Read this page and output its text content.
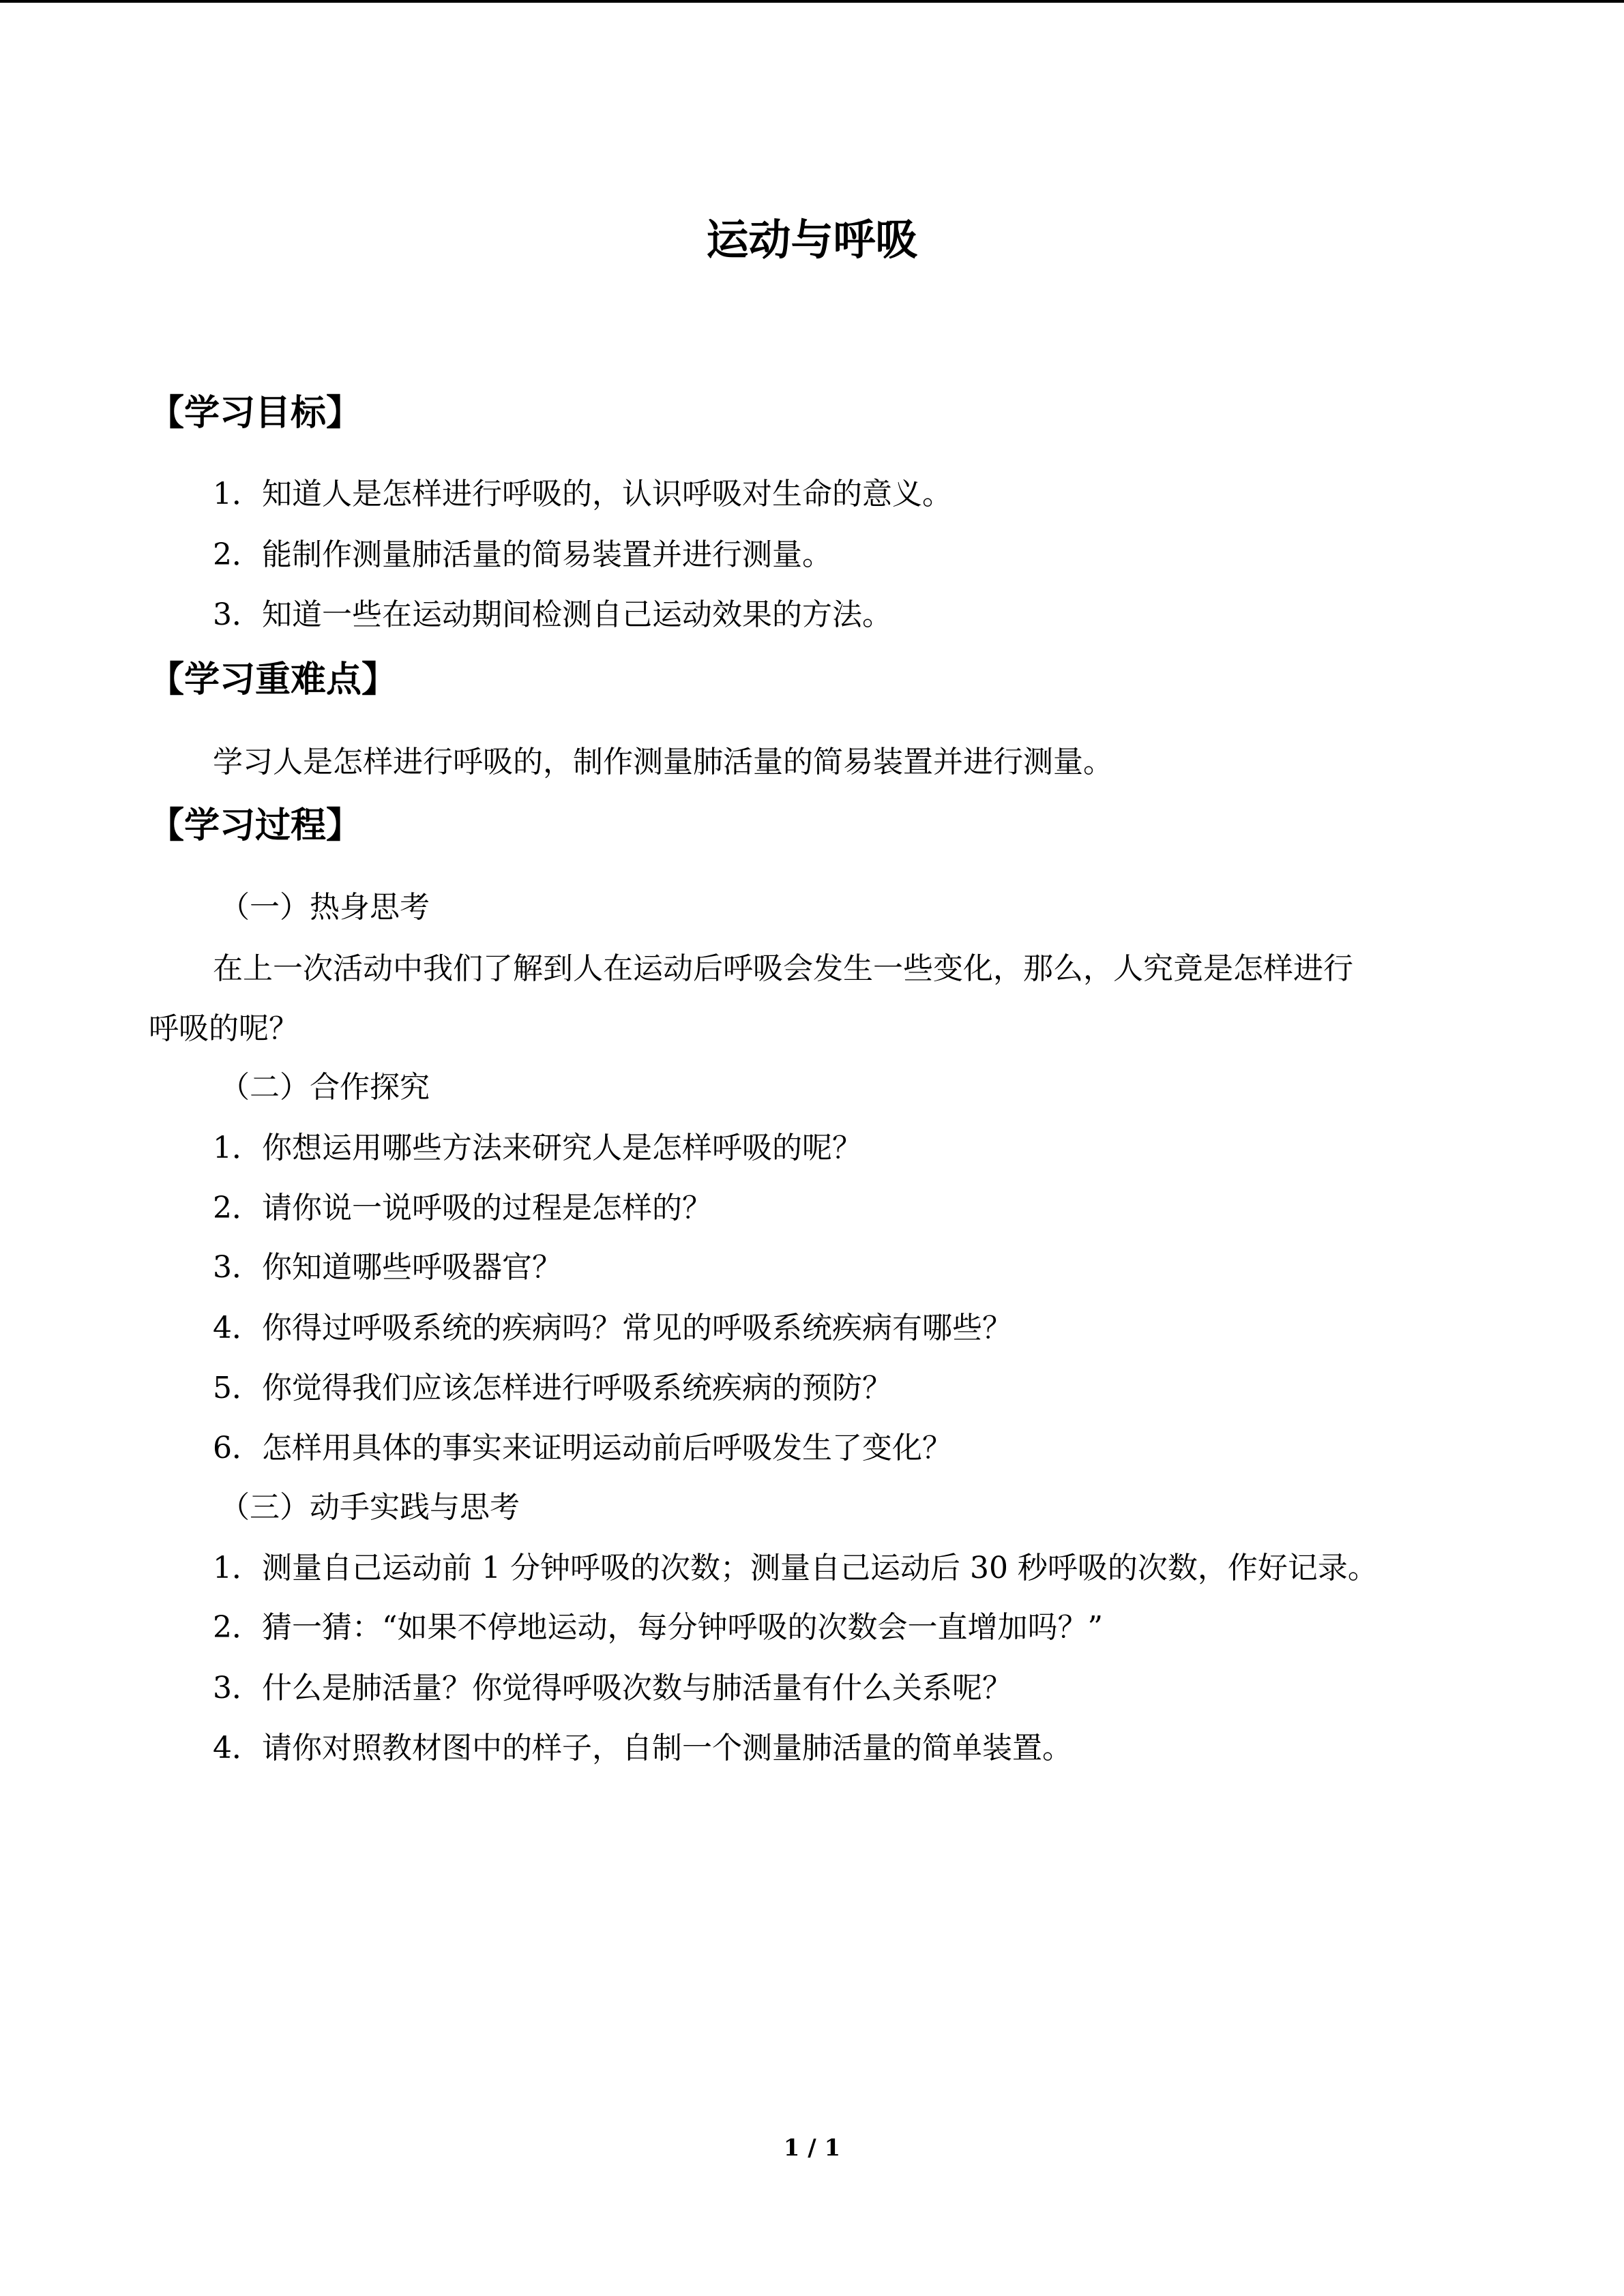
运动与呼吸
【学习目标】
1．知道人是怎样进行呼吸的，认识呼吸对生命的意义。
2．能制作测量肺活量的简易装置并进行测量。
3．知道一些在运动期间检测自己运动效果的方法。
【学习重难点】
学习人是怎样进行呼吸的，制作测量肺活量的简易装置并进行测量。
【学习过程】
（一）热身思考
在上一次活动中我们了解到人在运动后呼吸会发生一些变化，那么，人究竟是怎样进行
呼吸的呢？
（二）合作探究
1．你想运用哪些方法来研究人是怎样呼吸的呢？
2．请你说一说呼吸的过程是怎样的？
3．你知道哪些呼吸器官？
4．你得过呼吸系统的疾病吗？常见的呼吸系统疾病有哪些？
5．你觉得我们应该怎样进行呼吸系统疾病的预防？
6．怎样用具体的事实来证明运动前后呼吸发生了变化？
（三）动手实践与思考
1．测量自己运动前 1 分钟呼吸的次数；测量自己运动后 30 秒呼吸的次数，作好记录。
2．猜一猜：“如果不停地运动，每分钟呼吸的次数会一直增加吗？”
3．什么是肺活量？你觉得呼吸次数与肺活量有什么关系呢？
4．请你对照教材图中的样子，自制一个测量肺活量的简单装置。
1 / 1
